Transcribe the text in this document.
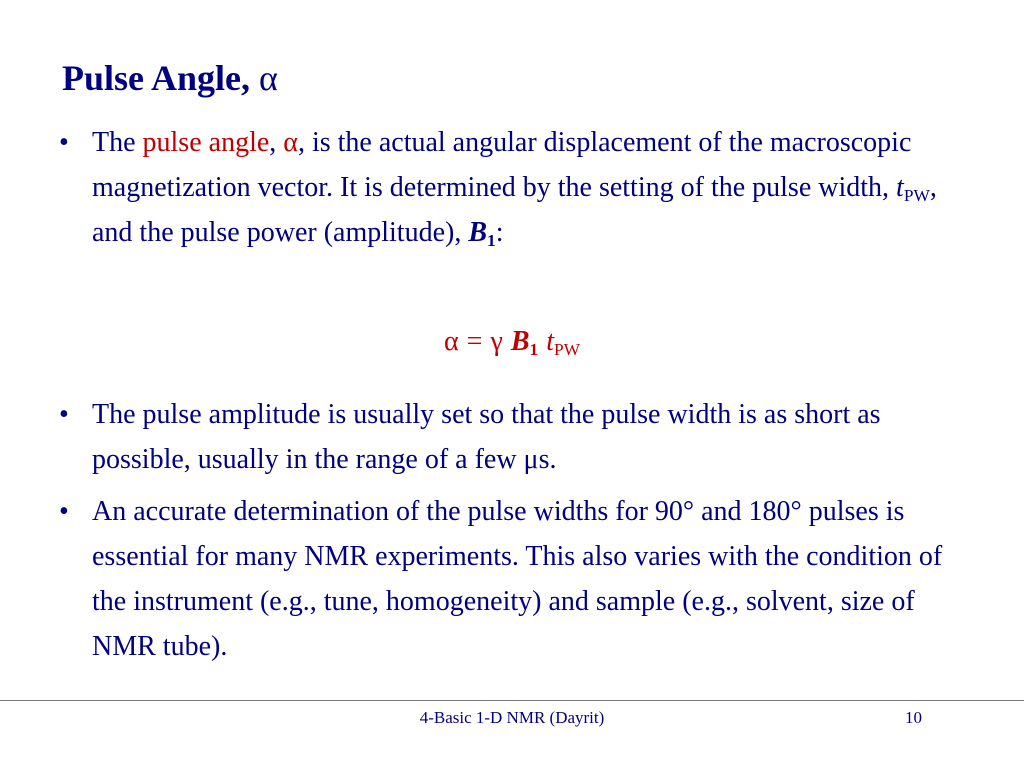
Pulse Angle, α
• The pulse angle, α, is the actual angular displacement of the macroscopic magnetization vector. It is determined by the setting of the pulse width, $t_{PW}$, and the pulse power (amplitude), $B_1$:
• The pulse amplitude is usually set so that the pulse width is as short as possible, usually in the range of a few μs.
• An accurate determination of the pulse widths for 90° and 180° pulses is essential for many NMR experiments. This also varies with the condition of the instrument (e.g., tune, homogeneity) and sample (e.g., solvent, size of NMR tube).
α = γ $B_1$ $t_{PW}$
4-Basic 1-D NMR (Dayrit)	10
